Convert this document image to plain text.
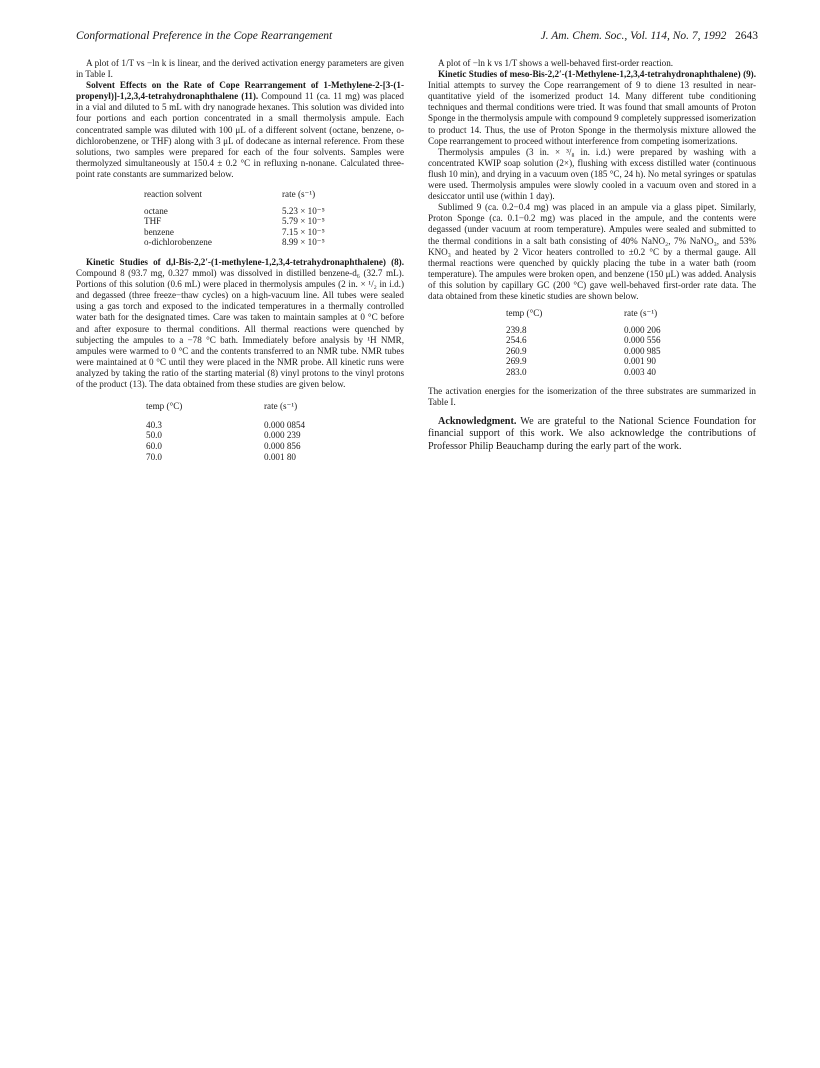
Conformational Preference in the Cope Rearrangement	J. Am. Chem. Soc., Vol. 114, No. 7, 1992 2643

A plot of 1/T vs −ln k is linear, and the derived activation energy parameters are given in Table I.

Solvent Effects on the Rate of Cope Rearrangement of 1-Methylene-2-[3-(1-propenyl)]-1,2,3,4-tetrahydronaphthalene (11). Compound 11 (ca. 11 mg) was placed in a vial and diluted to 5 mL with dry nanograde hexanes. This solution was divided into four portions and each portion concentrated in a small thermolysis ampule. Each concentrated sample was diluted with 100 μL of a different solvent (octane, benzene, o-dichlorobenzene, or THF) along with 3 μL of dodecane as internal reference. From these solutions, two samples were prepared for each of the four solvents. Samples were thermolyzed simultaneously at 150.4 ± 0.2 °C in refluxing n-nonane. Calculated three-point rate constants are summarized below.

reaction solvent	rate (s⁻¹)
octane	5.23 × 10⁻⁵
THF	5.79 × 10⁻⁵
benzene	7.15 × 10⁻⁵
o-dichlorobenzene	8.99 × 10⁻⁵

Kinetic Studies of d,l-Bis-2,2′-(1-methylene-1,2,3,4-tetrahydronaphthalene) (8). Compound 8 (93.7 mg, 0.327 mmol) was dissolved in distilled benzene-d₆ (32.7 mL). Portions of this solution (0.6 mL) were placed in thermolysis ampules (2 in. × ¹/₂ in i.d.) and degassed (three freeze−thaw cycles) on a high-vacuum line. All tubes were sealed using a gas torch and exposed to the indicated temperatures in a thermally controlled water bath for the designated times. Care was taken to maintain samples at 0 °C before and after exposure to thermal conditions. All thermal reactions were quenched by subjecting the ampules to a −78 °C bath. Immediately before analysis by ¹H NMR, ampules were warmed to 0 °C and the contents transferred to an NMR tube. NMR tubes were maintained at 0 °C until they were placed in the NMR probe. All kinetic runs were analyzed by taking the ratio of the starting material (8) vinyl protons to the vinyl protons of the product (13). The data obtained from these studies are given below.

temp (°C)	rate (s⁻¹)
40.3	0.000 0854
50.0	0.000 239
60.0	0.000 856
70.0	0.001 80

A plot of −ln k vs 1/T shows a well-behaved first-order reaction.

Kinetic Studies of meso-Bis-2,2′-(1-Methylene-1,2,3,4-tetrahydronaphthalene) (9). Initial attempts to survey the Cope rearrangement of 9 to diene 13 resulted in near-quantitative yield of the isomerized product 14. Many different tube conditioning techniques and thermal conditions were tried. It was found that small amounts of Proton Sponge in the thermolysis ampule with compound 9 completely suppressed isomerization to product 14. Thus, the use of Proton Sponge in the thermolysis mixture allowed the Cope rearrangement to proceed without interference from competing isomerizations.

Thermolysis ampules (3 in. × ³/₈ in. i.d.) were prepared by washing with a concentrated KWIP soap solution (2×), flushing with excess distilled water (continuous flush 10 min), and drying in a vacuum oven (185 °C, 24 h). No metal syringes or spatulas were used. Thermolysis ampules were slowly cooled in a vacuum oven and stored in a desiccator until use (within 1 day).

Sublimed 9 (ca. 0.2−0.4 mg) was placed in an ampule via a glass pipet. Similarly, Proton Sponge (ca. 0.1−0.2 mg) was placed in the ampule, and the contents were degassed (under vacuum at room temperature). Ampules were sealed and submitted to the thermal conditions in a salt bath consisting of 40% NaNO₂, 7% NaNO₃, and 53% KNO₃ and heated by 2 Vicor heaters controlled to ±0.2 °C by a thermal gauge. All thermal reactions were quenched by quickly placing the tube in a water bath (room temperature). The ampules were broken open, and benzene (150 μL) was added. Analysis of this solution by capillary GC (200 °C) gave well-behaved first-order rate data. The data obtained from these kinetic studies are shown below.

temp (°C)	rate (s⁻¹)
239.8	0.000 206
254.6	0.000 556
260.9	0.000 985
269.9	0.001 90
283.0	0.003 40

The activation energies for the isomerization of the three substrates are summarized in Table I.

Acknowledgment. We are grateful to the National Science Foundation for financial support of this work. We also acknowledge the contributions of Professor Philip Beauchamp during the early part of the work.
